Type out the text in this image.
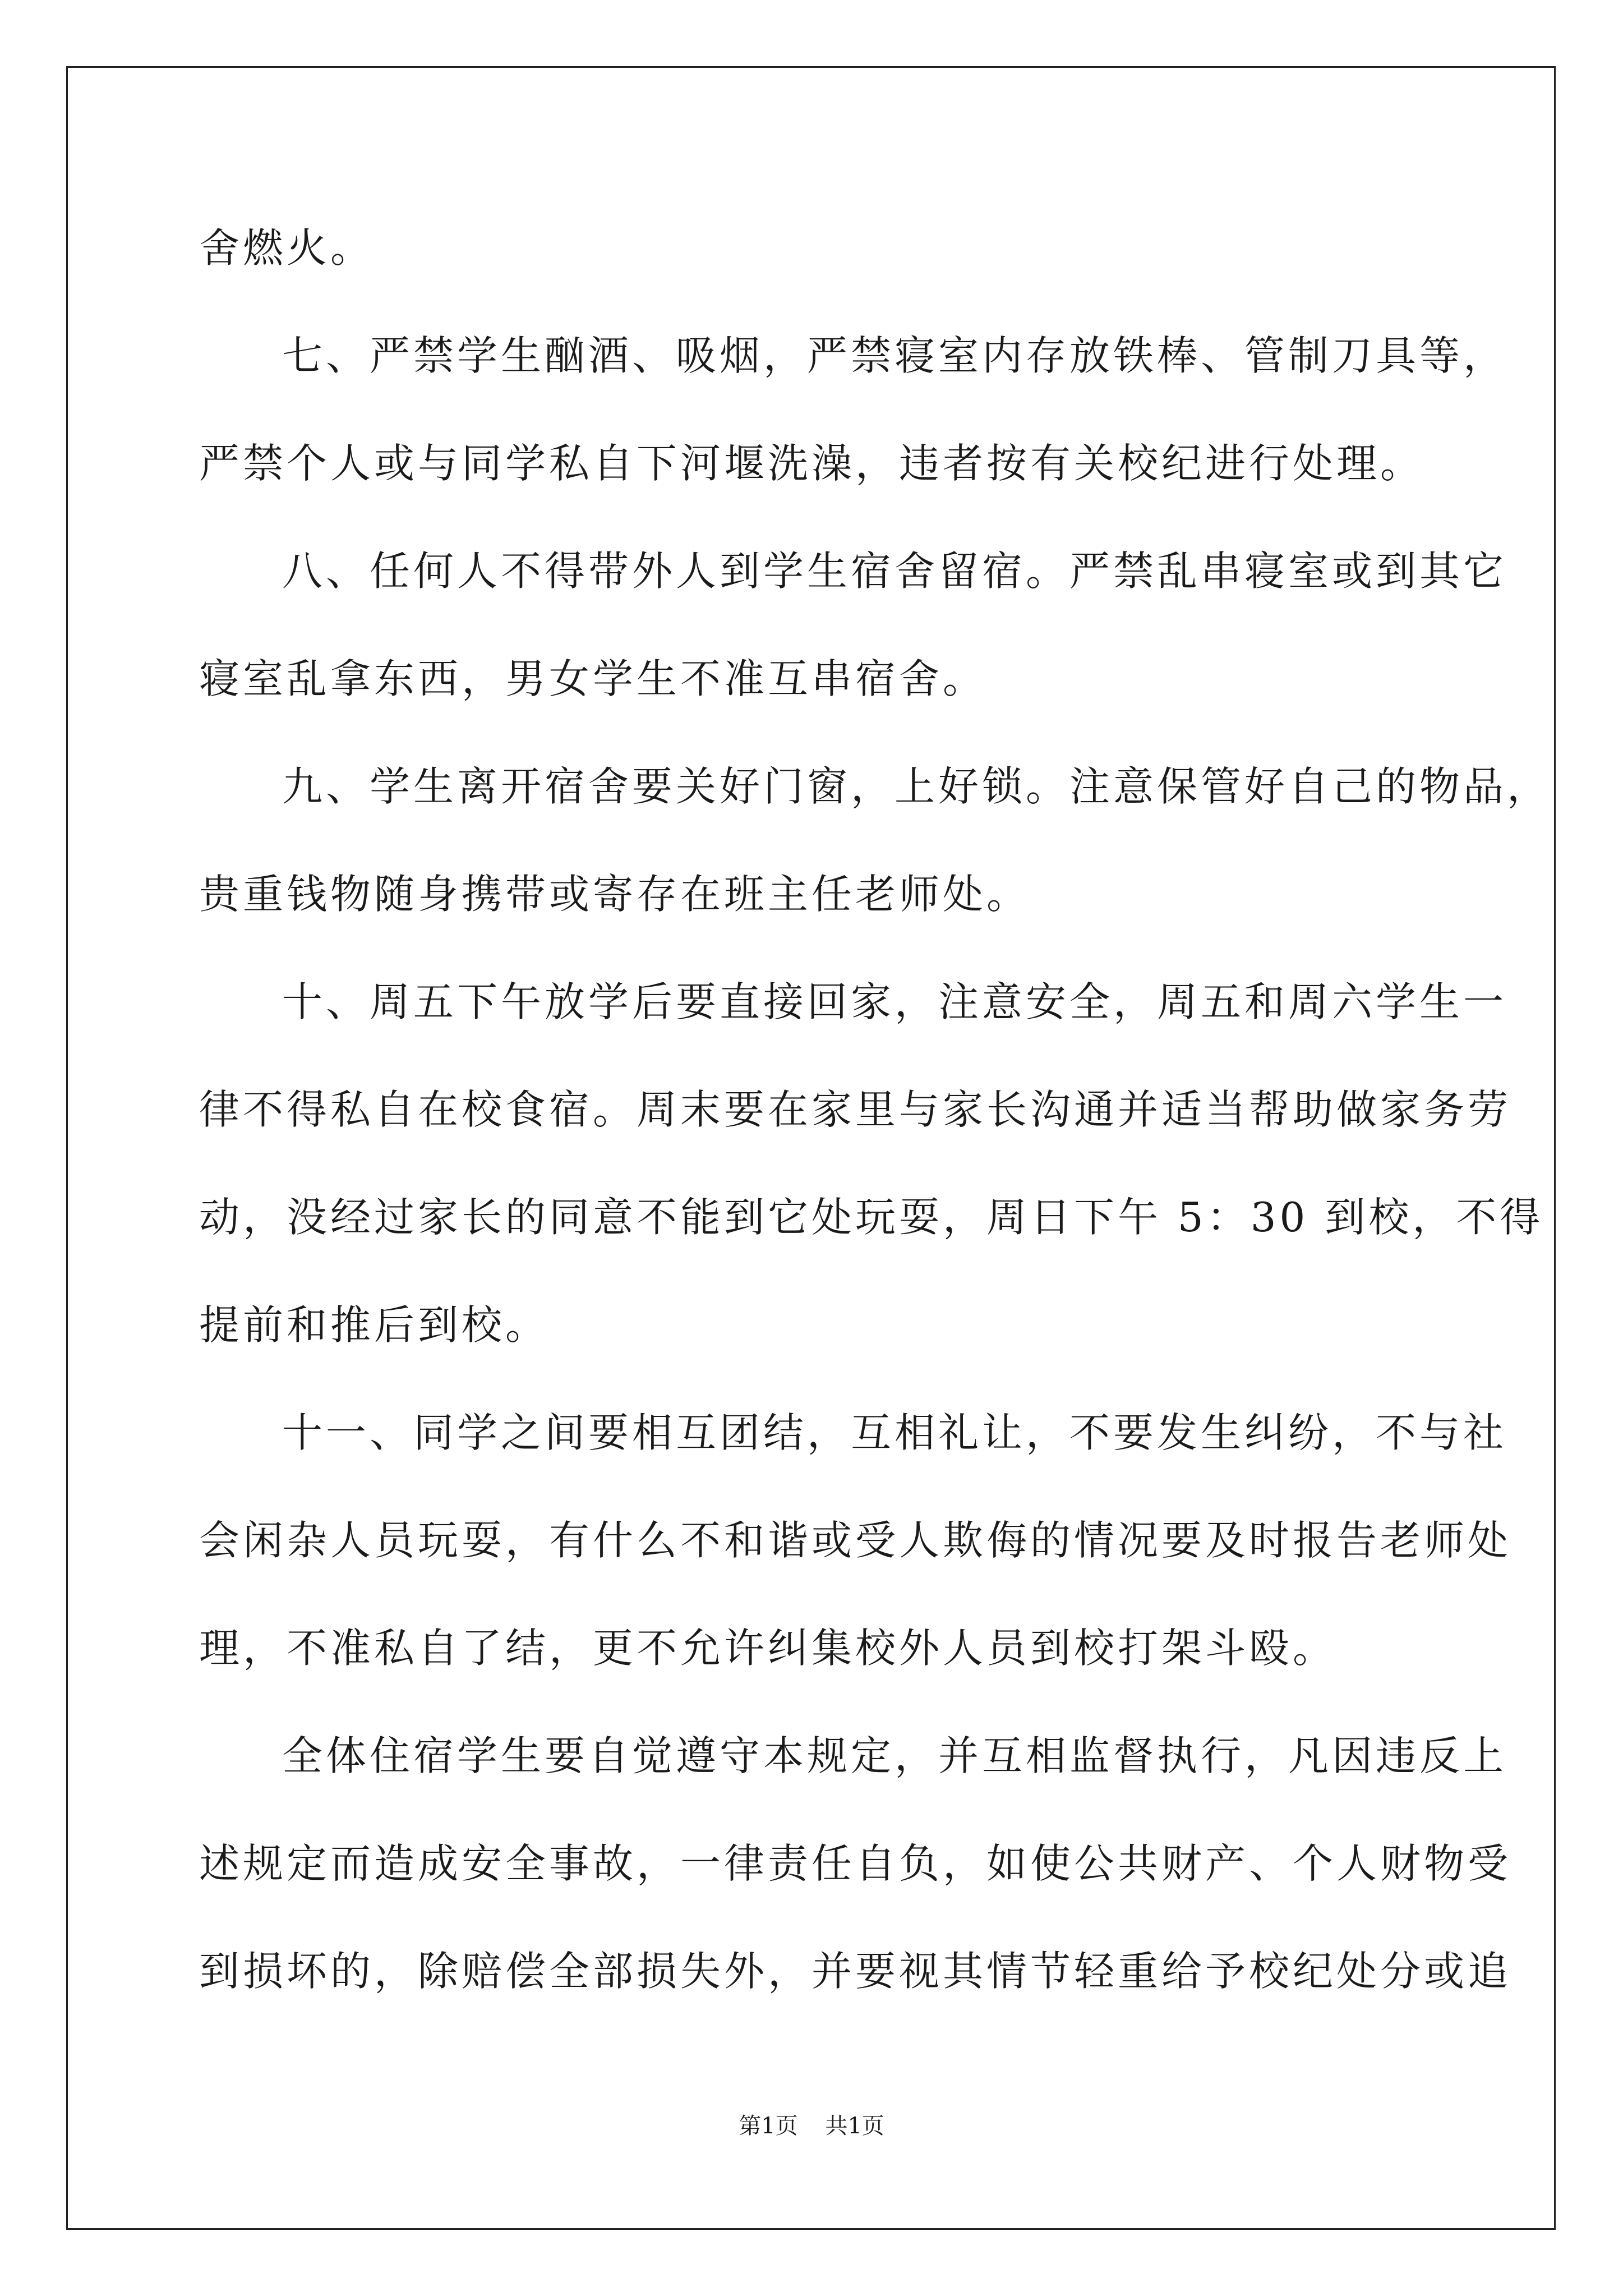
舍燃火。
七、严禁学生酗酒、吸烟，严禁寝室内存放铁棒、管制刀具等，
严禁个人或与同学私自下河堰洗澡，违者按有关校纪进行处理。
八、任何人不得带外人到学生宿舍留宿。严禁乱串寝室或到其它
寝室乱拿东西，男女学生不准互串宿舍。
九、学生离开宿舍要关好门窗，上好锁。注意保管好自己的物品，
贵重钱物随身携带或寄存在班主任老师处。
十、周五下午放学后要直接回家，注意安全，周五和周六学生一
律不得私自在校食宿。周末要在家里与家长沟通并适当帮助做家务劳
动，没经过家长的同意不能到它处玩耍，周日下午 5：30 到校，不得
提前和推后到校。
十一、同学之间要相互团结，互相礼让，不要发生纠纷，不与社
会闲杂人员玩耍，有什么不和谐或受人欺侮的情况要及时报告老师处
理，不准私自了结，更不允许纠集校外人员到校打架斗殴。
全体住宿学生要自觉遵守本规定，并互相监督执行，凡因违反上
述规定而造成安全事故，一律责任自负，如使公共财产、个人财物受
到损坏的，除赔偿全部损失外，并要视其情节轻重给予校纪处分或追
第1页 共1页
